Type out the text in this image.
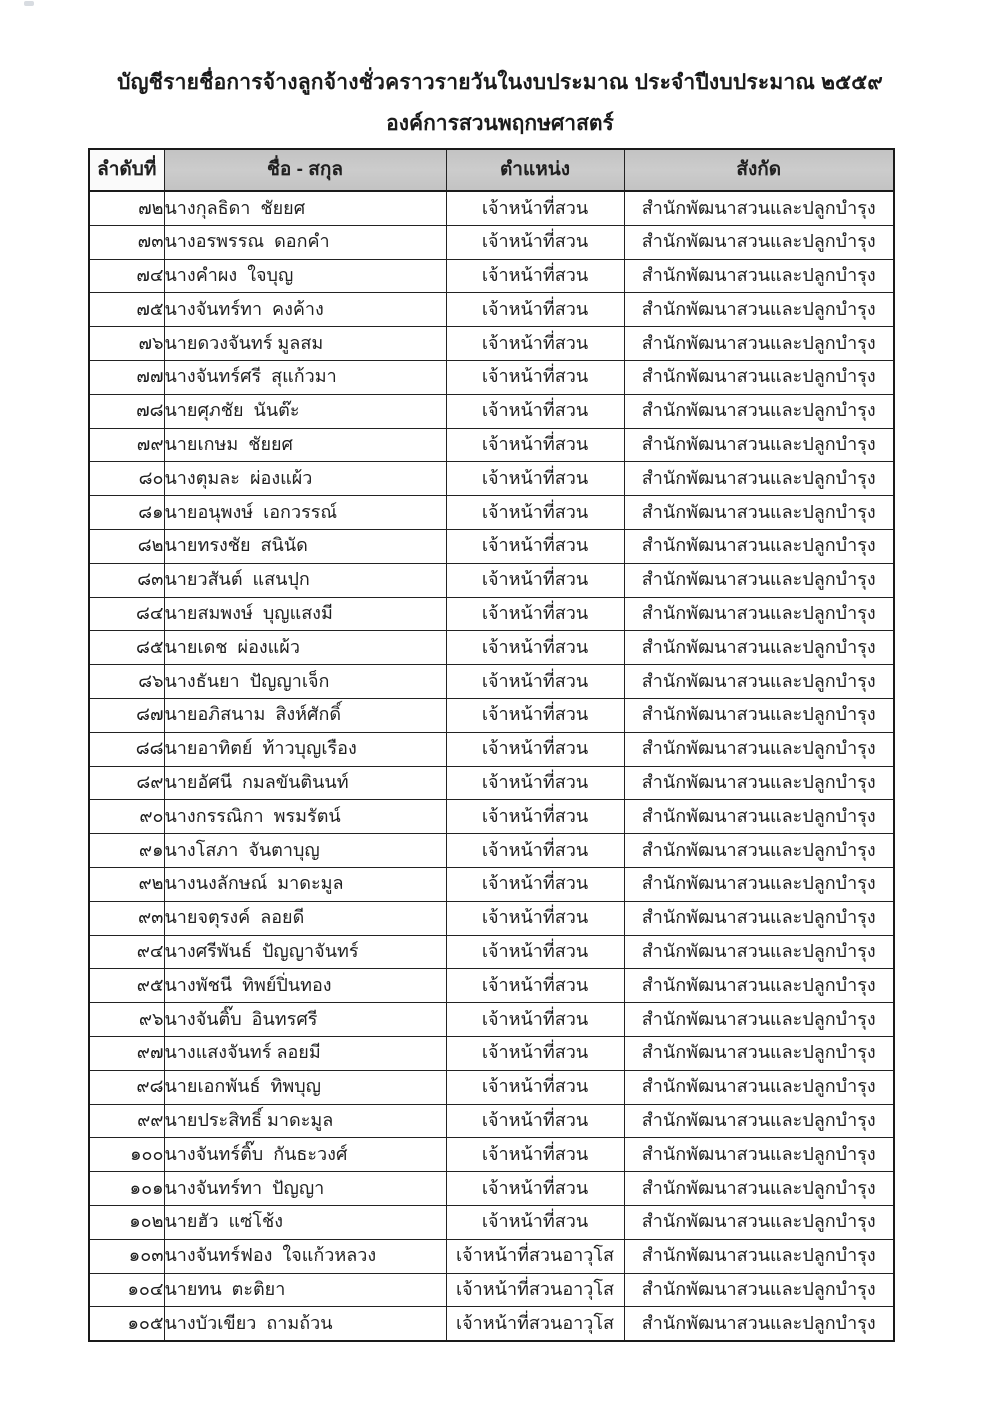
บัญชีรายชื่อการจ้างลูกจ้างชั่วคราวรายวันในงบประมาณ ประจำปีงบประมาณ ๒๕๕๙
องค์การสวนพฤกษศาสตร์
ลำดับที่	ชื่อ - สกุล	ตำแหน่ง	สังกัด
๗๒	นางกุลธิดา  ชัยยศ	เจ้าหน้าที่สวน	สำนักพัฒนาสวนและปลูกบำรุง
๗๓	นางอรพรรณ  ดอกคำ	เจ้าหน้าที่สวน	สำนักพัฒนาสวนและปลูกบำรุง
๗๔	นางคำผง  ใจบุญ	เจ้าหน้าที่สวน	สำนักพัฒนาสวนและปลูกบำรุง
๗๕	นางจันทร์ทา  คงค้าง	เจ้าหน้าที่สวน	สำนักพัฒนาสวนและปลูกบำรุง
๗๖	นายดวงจันทร์ มูลสม	เจ้าหน้าที่สวน	สำนักพัฒนาสวนและปลูกบำรุง
๗๗	นางจันทร์ศรี  สุแก้วมา	เจ้าหน้าที่สวน	สำนักพัฒนาสวนและปลูกบำรุง
๗๘	นายศุภชัย  นันต๊ะ	เจ้าหน้าที่สวน	สำนักพัฒนาสวนและปลูกบำรุง
๗๙	นายเกษม  ชัยยศ	เจ้าหน้าที่สวน	สำนักพัฒนาสวนและปลูกบำรุง
๘๐	นางตุมละ  ผ่องแผ้ว	เจ้าหน้าที่สวน	สำนักพัฒนาสวนและปลูกบำรุง
๘๑	นายอนุพงษ์  เอกวรรณ์	เจ้าหน้าที่สวน	สำนักพัฒนาสวนและปลูกบำรุง
๘๒	นายทรงชัย  สนินัด	เจ้าหน้าที่สวน	สำนักพัฒนาสวนและปลูกบำรุง
๘๓	นายวสันต์  แสนปุก	เจ้าหน้าที่สวน	สำนักพัฒนาสวนและปลูกบำรุง
๘๔	นายสมพงษ์  บุญแสงมี	เจ้าหน้าที่สวน	สำนักพัฒนาสวนและปลูกบำรุง
๘๕	นายเดช  ผ่องแผ้ว	เจ้าหน้าที่สวน	สำนักพัฒนาสวนและปลูกบำรุง
๘๖	นางธันยา  ปัญญาเจ็ก	เจ้าหน้าที่สวน	สำนักพัฒนาสวนและปลูกบำรุง
๘๗	นายอภิสนาม  สิงห์ศักดิ์	เจ้าหน้าที่สวน	สำนักพัฒนาสวนและปลูกบำรุง
๘๘	นายอาทิตย์  ท้าวบุญเรือง	เจ้าหน้าที่สวน	สำนักพัฒนาสวนและปลูกบำรุง
๘๙	นายอัศนี  กมลขันตินนท์	เจ้าหน้าที่สวน	สำนักพัฒนาสวนและปลูกบำรุง
๙๐	นางกรรณิกา  พรมรัตน์	เจ้าหน้าที่สวน	สำนักพัฒนาสวนและปลูกบำรุง
๙๑	นางโสภา  จันตาบุญ	เจ้าหน้าที่สวน	สำนักพัฒนาสวนและปลูกบำรุง
๙๒	นางนงลักษณ์  มาดะมูล	เจ้าหน้าที่สวน	สำนักพัฒนาสวนและปลูกบำรุง
๙๓	นายจตุรงค์  ลอยดี	เจ้าหน้าที่สวน	สำนักพัฒนาสวนและปลูกบำรุง
๙๔	นางศรีพันธ์  ปัญญาจันทร์	เจ้าหน้าที่สวน	สำนักพัฒนาสวนและปลูกบำรุง
๙๕	นางพัชนี  ทิพย์ปิ่นทอง	เจ้าหน้าที่สวน	สำนักพัฒนาสวนและปลูกบำรุง
๙๖	นางจันติ๊บ  อินทรศรี	เจ้าหน้าที่สวน	สำนักพัฒนาสวนและปลูกบำรุง
๙๗	นางแสงจันทร์ ลอยมี	เจ้าหน้าที่สวน	สำนักพัฒนาสวนและปลูกบำรุง
๙๘	นายเอกพันธ์  ทิพบุญ	เจ้าหน้าที่สวน	สำนักพัฒนาสวนและปลูกบำรุง
๙๙	นายประสิทธิ์ มาดะมูล	เจ้าหน้าที่สวน	สำนักพัฒนาสวนและปลูกบำรุง
๑๐๐	นางจันทร์ติ๊บ  กันธะวงศ์	เจ้าหน้าที่สวน	สำนักพัฒนาสวนและปลูกบำรุง
๑๐๑	นางจันทร์ทา  ปัญญา	เจ้าหน้าที่สวน	สำนักพัฒนาสวนและปลูกบำรุง
๑๐๒	นายฮัว  แซ่โช้ง	เจ้าหน้าที่สวน	สำนักพัฒนาสวนและปลูกบำรุง
๑๐๓	นางจันทร์ฟอง  ใจแก้วหลวง	เจ้าหน้าที่สวนอาวุโส	สำนักพัฒนาสวนและปลูกบำรุง
๑๐๔	นายทน  ตะติยา	เจ้าหน้าที่สวนอาวุโส	สำนักพัฒนาสวนและปลูกบำรุง
๑๐๕	นางบัวเขียว  ถามถ้วน	เจ้าหน้าที่สวนอาวุโส	สำนักพัฒนาสวนและปลูกบำรุง
